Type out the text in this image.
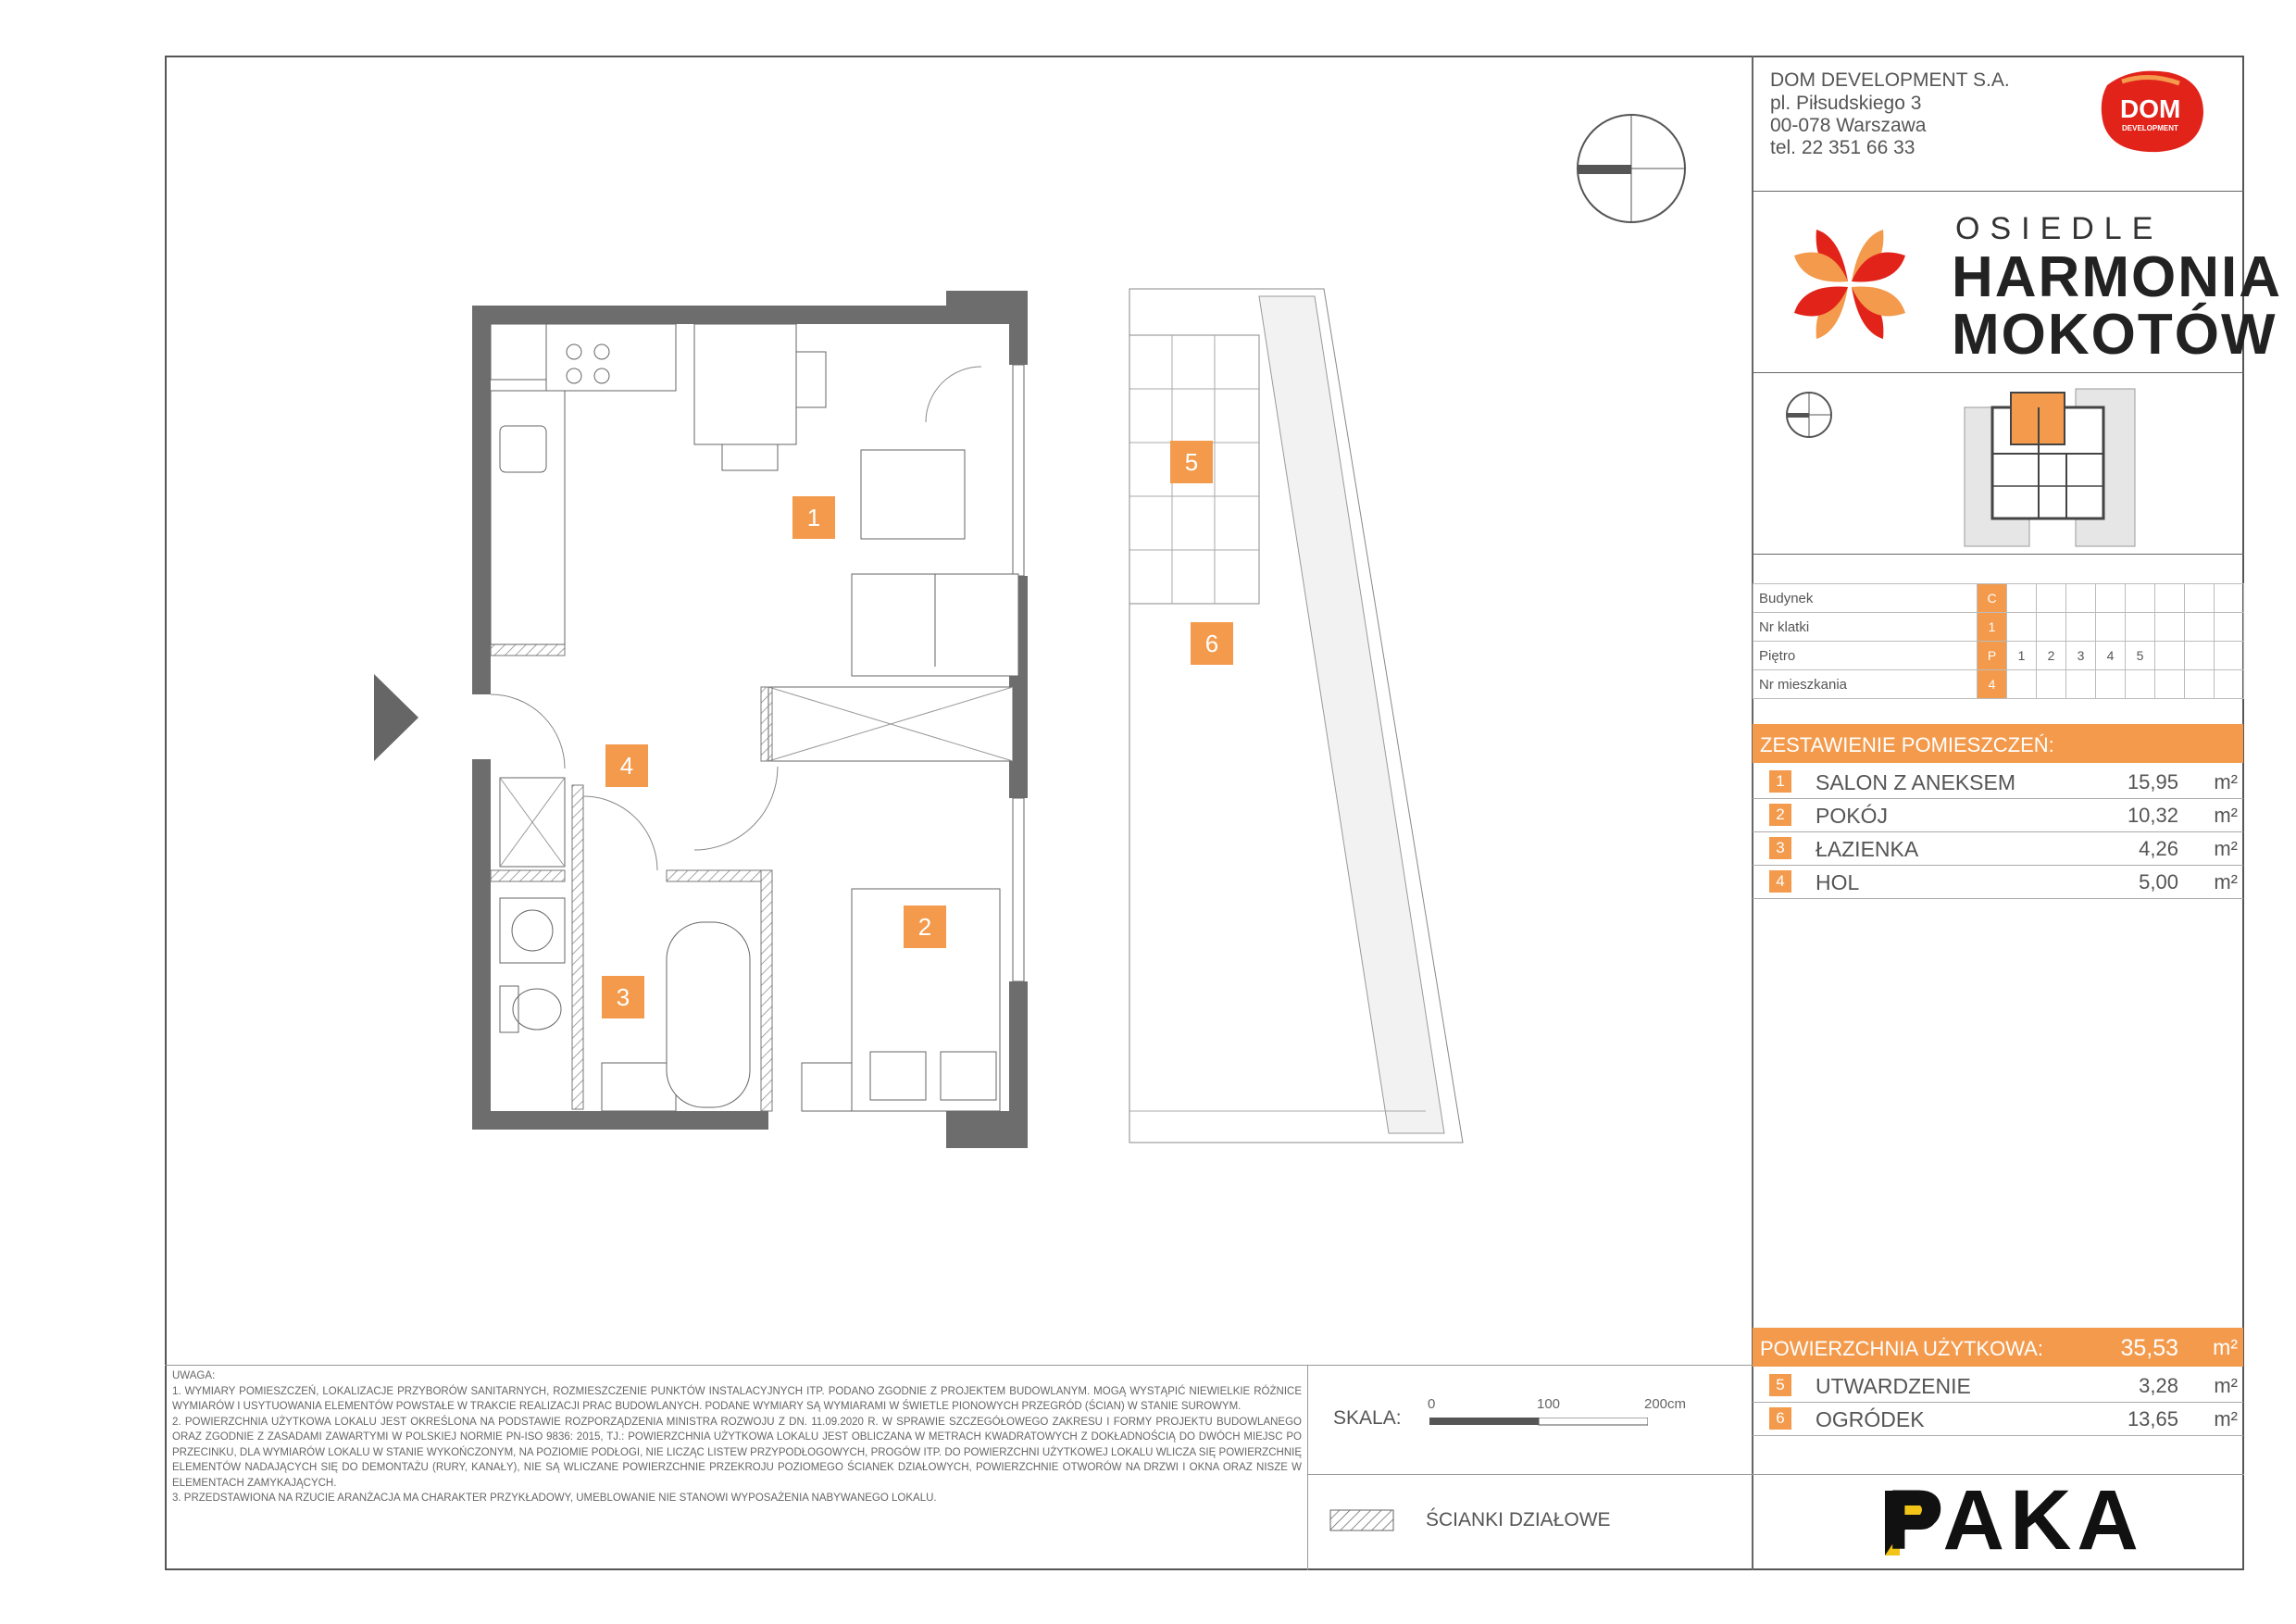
DOM DEVELOPMENT S.A.
pl. Piłsudskiego 3
00-078 Warszawa
tel. 22 351 66 33
DOM
DEVELOPMENT
OSIEDLE
HARMONIA
MOKOTÓW
Budynek	C								
Nr klatki	1								
Piętro	P	1	2	3	4	5			
Nr mieszkania	4								
ZESTAWIENIE POMIESZCZEŃ:
1	SALON Z ANEKSEM	15,95 m²
2	POKÓJ	10,32 m²
3	ŁAZIENKA	4,26 m²
4	HOL	5,00 m²
POWIERZCHNIA UŻYTKOWA:	35,53 m²
5	UTWARDZENIE	3,28 m²
6	OGRÓDEK	13,65 m²
PAKA
SKALA:
0	100	200cm
ŚCIANKI DZIAŁOWE
UWAGA:
1. WYMIARY POMIESZCZEŃ, LOKALIZACJE PRZYBORÓW SANITARNYCH, ROZMIESZCZENIE PUNKTÓW INSTALACYJNYCH ITP. PODANO ZGODNIE Z PROJEKTEM BUDOWLANYM. MOGĄ WYSTĄPIĆ NIEWIELKIE RÓŻNICE WYMIARÓW I USYTUOWANIA ELEMENTÓW POWSTAŁE W TRAKCIE REALIZACJI PRAC BUDOWLANYCH. PODANE WYMIARY SĄ WYMIARAMI W ŚWIETLE PIONOWYCH PRZEGRÓD (ŚCIAN) W STANIE SUROWYM.
2. POWIERZCHNIA UŻYTKOWA LOKALU JEST OKREŚLONA NA PODSTAWIE ROZPORZĄDZENIA MINISTRA ROZWOJU Z DN. 11.09.2020 R. W SPRAWIE SZCZEGÓŁOWEGO ZAKRESU I FORMY PROJEKTU BUDOWLANEGO ORAZ ZGODNIE Z ZASADAMI ZAWARTYMI W POLSKIEJ NORMIE PN-ISO 9836: 2015, TJ.: POWIERZCHNIA UŻYTKOWA LOKALU JEST OBLICZANA W METRACH KWADRATOWYCH Z DOKŁADNOŚCIĄ DO DWÓCH MIEJSC PO PRZECINKU, DLA WYMIARÓW LOKALU W STANIE WYKOŃCZONYM, NA POZIOMIE PODŁOGI, NIE LICZĄC LISTEW PRZYPODŁOGOWYCH, PROGÓW ITP. DO POWIERZCHNI UŻYTKOWEJ LOKALU WLICZA SIĘ POWIERZCHNIĘ ELEMENTÓW NADAJĄCYCH SIĘ DO DEMONTAŻU (RURY, KANAŁY), NIE SĄ WLICZANE POWIERZCHNIE PRZEKROJU POZIOMEGO ŚCIANEK DZIAŁOWYCH, POWIERZCHNIE OTWORÓW NA DRZWI I OKNA ORAZ NISZE W ELEMENTACH ZAMYKAJĄCYCH.
3. PRZEDSTAWIONA NA RZUCIE ARANŻACJA MA CHARAKTER PRZYKŁADOWY, UMEBLOWANIE NIE STANOWI WYPOSAŻENIA NABYWANEGO LOKALU.
1
2
3
4
5
6
